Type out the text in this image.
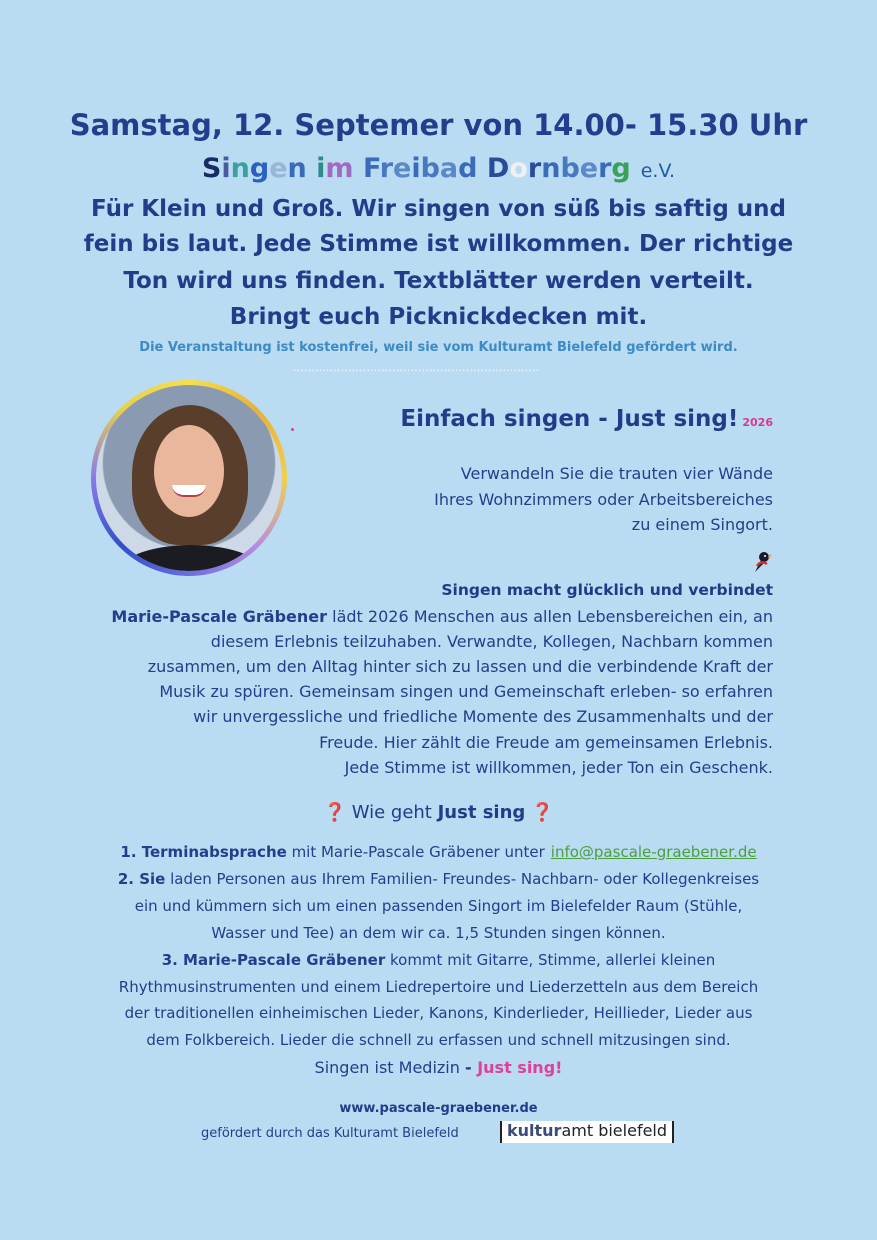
Samstag, 12. Septemer von 14.00- 15.30 Uhr
Singen im Freibad Dornberg e.V.
Für Klein und Groß. Wir singen von süß bis saftig und
fein bis laut. Jede Stimme ist willkommen. Der richtige
Ton wird uns finden. Textblätter werden verteilt.
Bringt euch Picknickdecken mit.
Die Veranstaltung ist kostenfrei, weil sie vom Kulturamt Bielefeld gefördert wird.
...................................................................
Einfach singen - Just sing! 2026
Verwandeln Sie die trauten vier Wände
Ihres Wohnzimmers oder Arbeitsbereiches
zu einem Singort.
Singen macht glücklich und verbindet
Marie-Pascale Gräbener lädt 2026 Menschen aus allen Lebensbereichen ein, an
diesem Erlebnis teilzuhaben. Verwandte, Kollegen, Nachbarn kommen
zusammen, um den Alltag hinter sich zu lassen und die verbindende Kraft der
Musik zu spüren. Gemeinsam singen und Gemeinschaft erleben- so erfahren
wir unvergessliche und friedliche Momente des Zusammenhalts und der
Freude. Hier zählt die Freude am gemeinsamen Erlebnis.
Jede Stimme ist willkommen, jeder Ton ein Geschenk.
❓ Wie geht Just sing ❓
1. Terminabsprache mit Marie-Pascale Gräbener unter info@pascale-graebener.de
2. Sie laden Personen aus Ihrem Familien- Freundes- Nachbarn- oder Kollegenkreises
ein und kümmern sich um einen passenden Singort im Bielefelder Raum (Stühle,
Wasser und Tee) an dem wir ca. 1,5 Stunden singen können.
3. Marie-Pascale Gräbener kommt mit Gitarre, Stimme, allerlei kleinen
Rhythmusinstrumenten und einem Liedrepertoire und Liederzetteln aus dem Bereich
der traditionellen einheimischen Lieder, Kanons, Kinderlieder, Heillieder, Lieder aus
dem Folkbereich. Lieder die schnell zu erfassen und schnell mitzusingen sind.
Singen ist Medizin - Just sing!
www.pascale-graebener.de
gefördert durch das Kulturamt Bielefeld	kulturamt bielefeld
